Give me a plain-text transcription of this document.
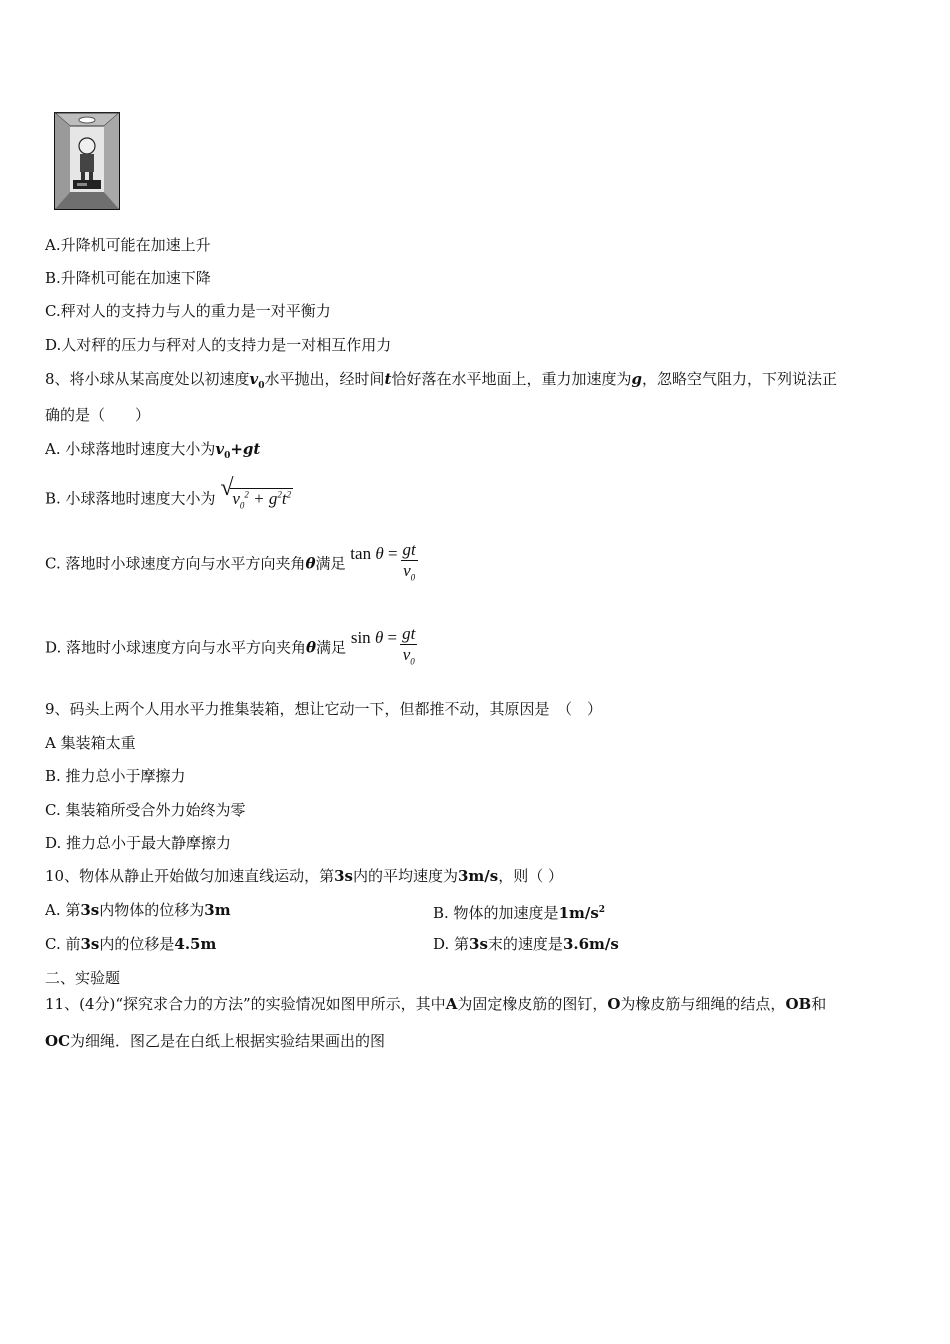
A.升降机可能在加速上升
B.升降机可能在加速下降
C.秤对人的支持力与人的重力是一对平衡力
D.人对秤的压力与秤对人的支持力是一对相互作用力
8、将小球从某高度处以初速度$v_0$水平抛出，经时间t恰好落在水平地面上，重力加速度为g，忽略空气阻力，下列说法正
确的是（　　）
A. 小球落地时速度大小为$v_0+gt$
B. 小球落地时速度大小为 √
$v_0^2 + g^2t^2$
C. 落地时小球速度方向与水平方向夹角θ满足 $\tan \theta = \frac{gt}{v_0}$
D. 落地时小球速度方向与水平方向夹角θ满足 $\sin \theta = \frac{gt}{v_0}$
9、码头上两个人用水平力推集装箱，想让它动一下，但都推不动，其原因是　（　）
A 集装箱太重
B. 推力总小于摩擦力
C. 集装箱所受合外力始终为零
D. 推力总小于最大静摩擦力
10、物体从静止开始做匀加速直线运动，第3s内的平均速度为3m/s，则（ ）
A. 第3s内物体的位移为3m	B. 物体的加速度是$1m/s^2$
C. 前3s内的位移是4.5m	D. 第3s末的速度是3.6m/s
二、实验题
11、(4分)“探究求合力的方法”的实验情况如图甲所示，其中A为固定橡皮筋的图钉，O为橡皮筋与细绳的结点，OB和
OC为细绳．图乙是在白纸上根据实验结果画出的图
